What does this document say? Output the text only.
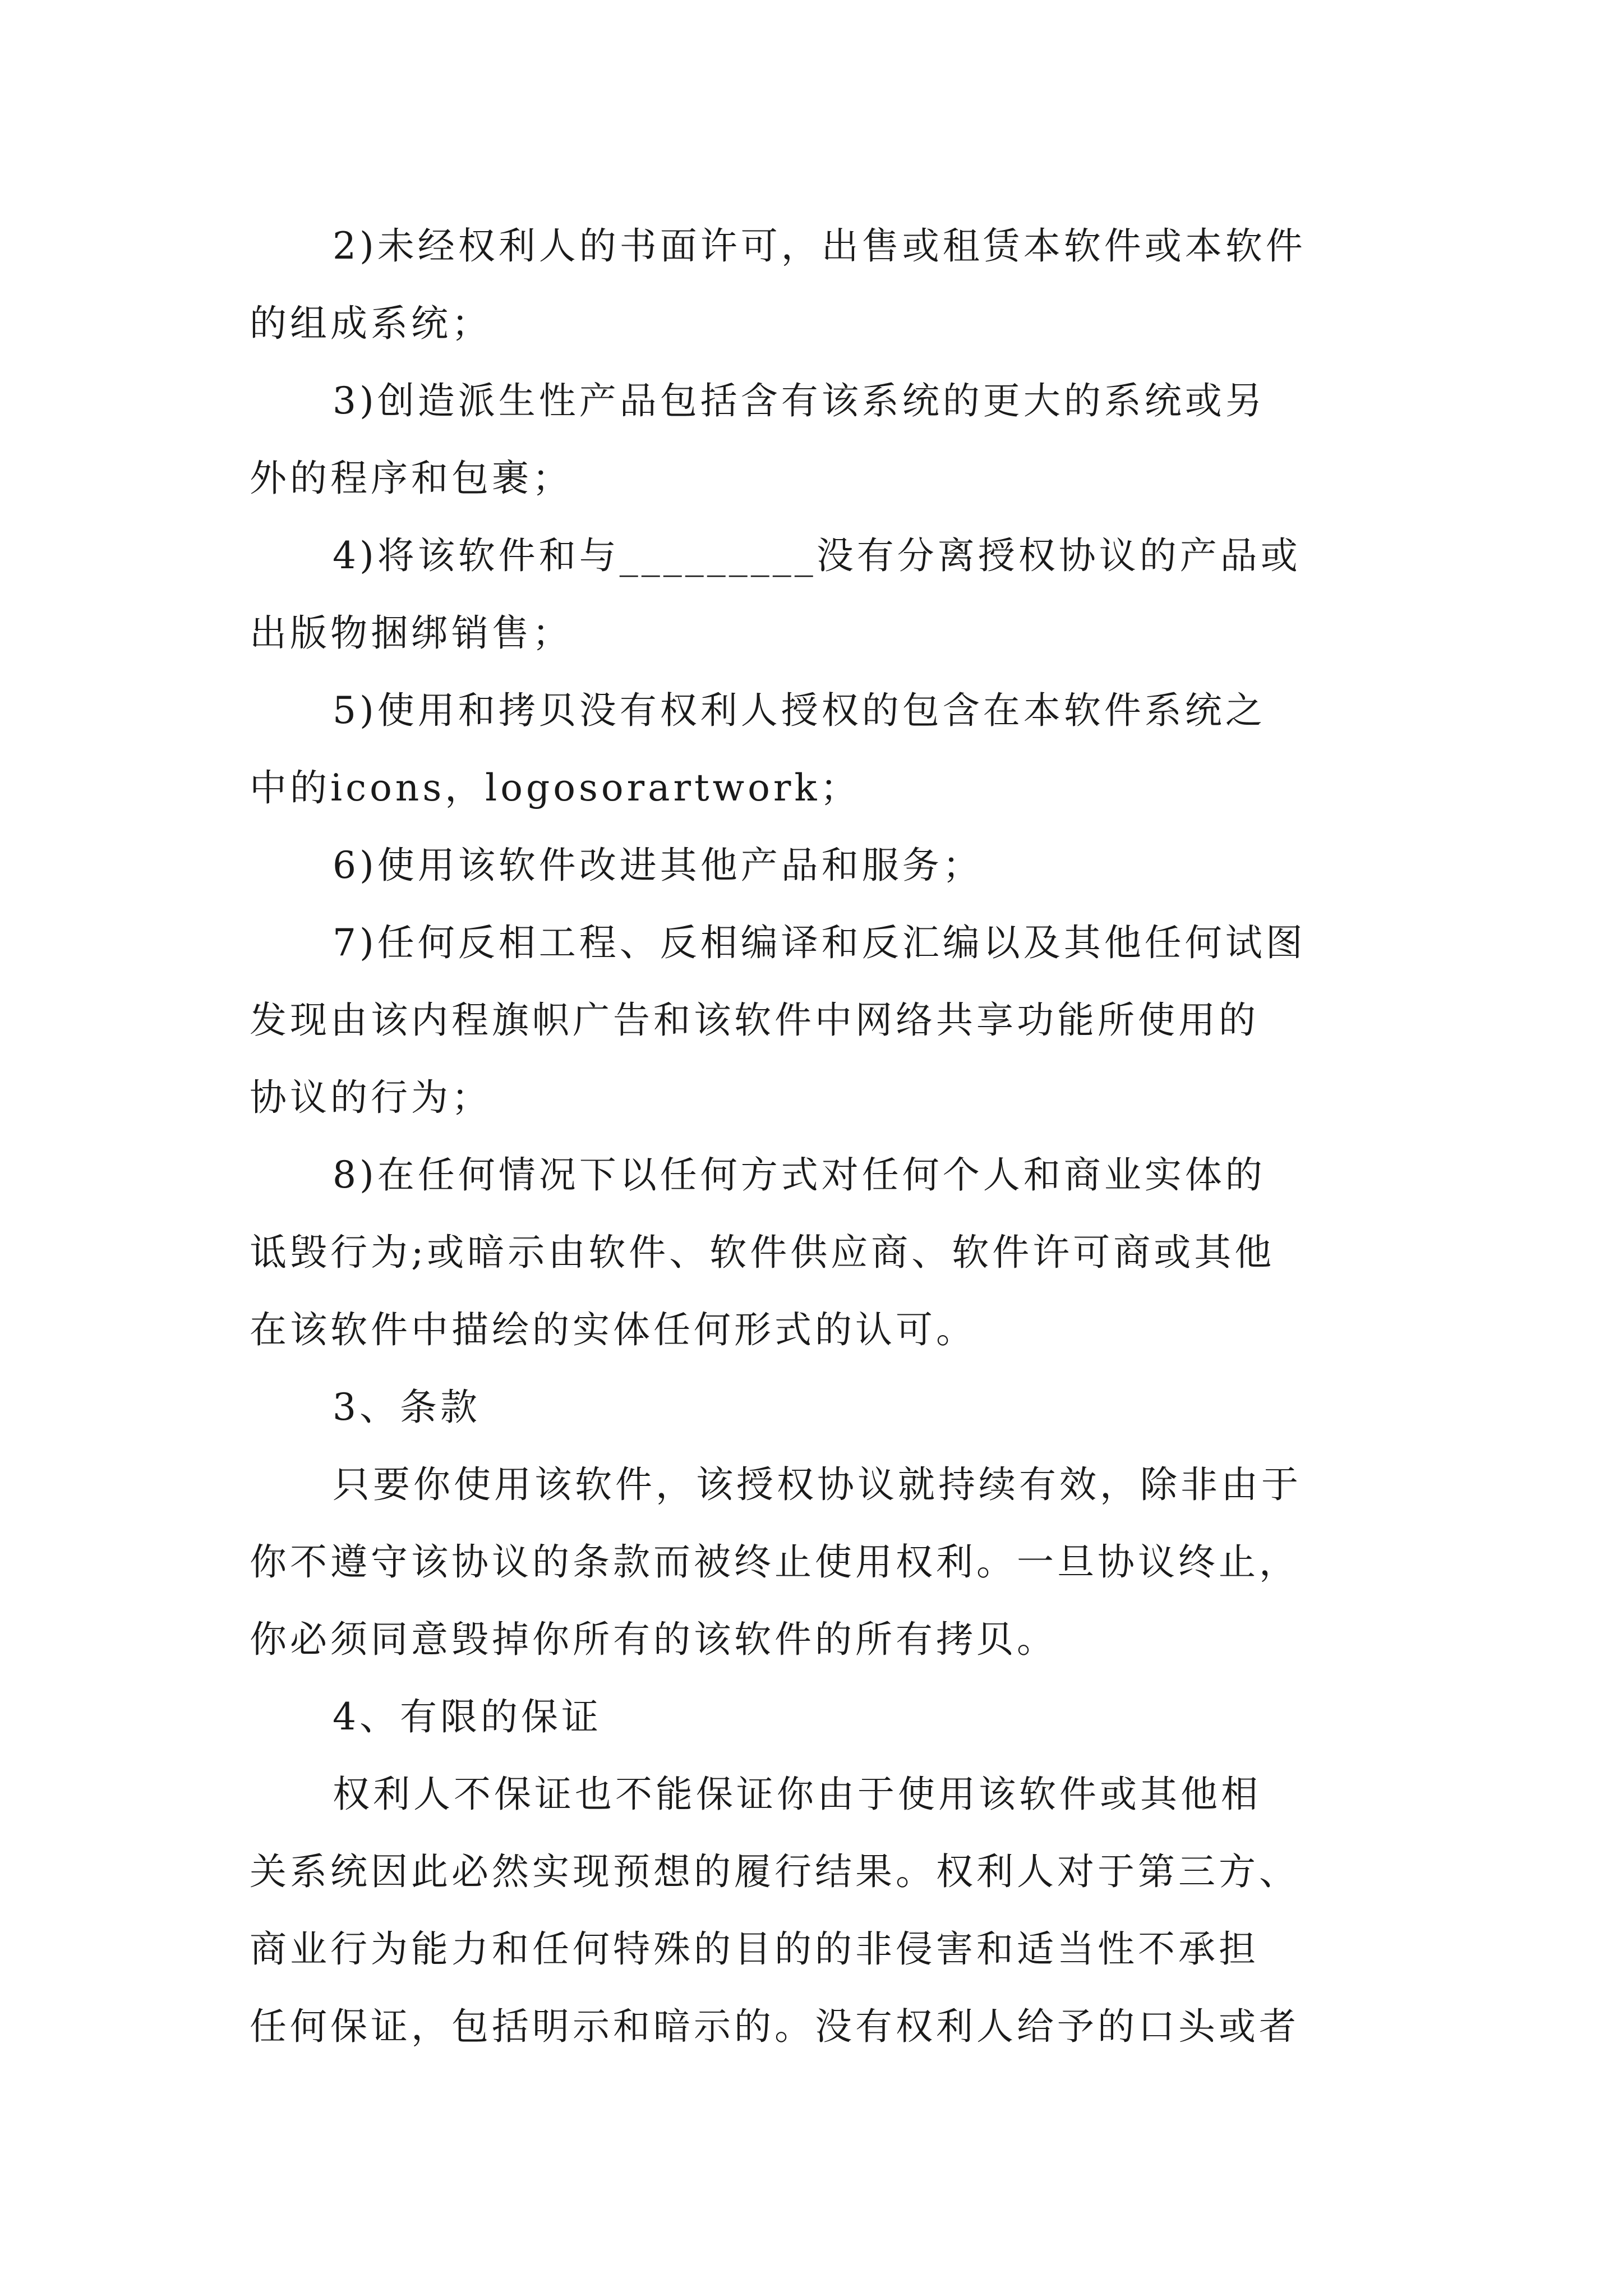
2)未经权利人的书面许可，出售或租赁本软件或本软件
的组成系统；
3)创造派生性产品包括含有该系统的更大的系统或另
外的程序和包裹；
4)将该软件和与_________没有分离授权协议的产品或
出版物捆绑销售；
5)使用和拷贝没有权利人授权的包含在本软件系统之
中的icons，logosorartwork；
6)使用该软件改进其他产品和服务；
7)任何反相工程、反相编译和反汇编以及其他任何试图
发现由该内程旗帜广告和该软件中网络共享功能所使用的
协议的行为；
8)在任何情况下以任何方式对任何个人和商业实体的
诋毁行为;或暗示由软件、软件供应商、软件许可商或其他
在该软件中描绘的实体任何形式的认可。
3、条款
只要你使用该软件，该授权协议就持续有效，除非由于
你不遵守该协议的条款而被终止使用权利。一旦协议终止，
你必须同意毁掉你所有的该软件的所有拷贝。
4、有限的保证
权利人不保证也不能保证你由于使用该软件或其他相
关系统因此必然实现预想的履行结果。权利人对于第三方、
商业行为能力和任何特殊的目的的非侵害和适当性不承担
任何保证，包括明示和暗示的。没有权利人给予的口头或者
